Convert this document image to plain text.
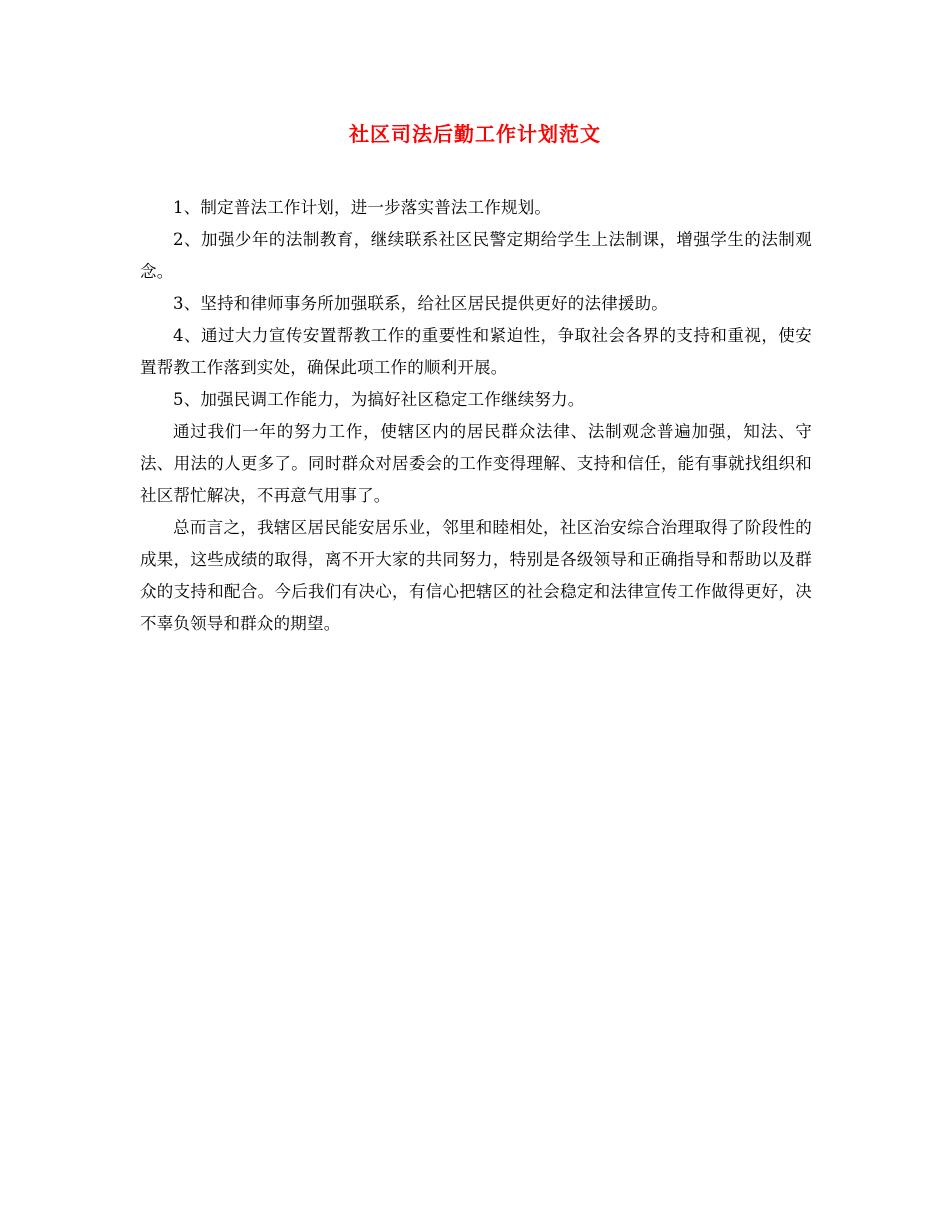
社区司法后勤工作计划范文

1、制定普法工作计划，进一步落实普法工作规划。

2、加强少年的法制教育，继续联系社区民警定期给学生上法制课，增强学生的法制观念。

3、坚持和律师事务所加强联系，给社区居民提供更好的法律援助。

4、通过大力宣传安置帮教工作的重要性和紧迫性，争取社会各界的支持和重视，使安置帮教工作落到实处，确保此项工作的顺利开展。

5、加强民调工作能力，为搞好社区稳定工作继续努力。

通过我们一年的努力工作，使辖区内的居民群众法律、法制观念普遍加强，知法、守法、用法的人更多了。同时群众对居委会的工作变得理解、支持和信任，能有事就找组织和社区帮忙解决，不再意气用事了。

总而言之，我辖区居民能安居乐业，邻里和睦相处，社区治安综合治理取得了阶段性的成果，这些成绩的取得，离不开大家的共同努力，特别是各级领导和正确指导和帮助以及群众的支持和配合。今后我们有决心，有信心把辖区的社会稳定和法律宣传工作做得更好，决不辜负领导和群众的期望。
